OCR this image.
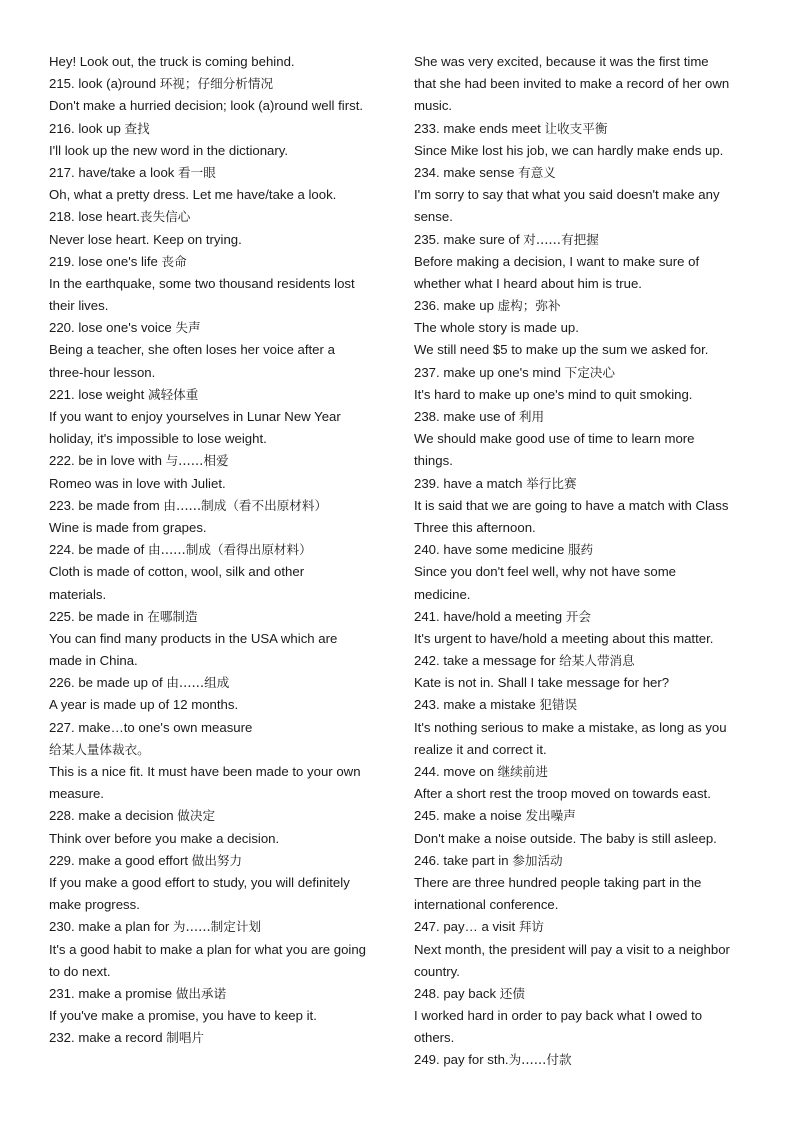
Hey! Look out, the truck is coming behind.
215. look (a)round 环视；仔细分析情况
Don't make a hurried decision; look (a)round well first.
216. look up 查找
I'll look up the new word in the dictionary.
217. have/take a look 看一眼
Oh, what a pretty dress. Let me have/take a look.
218. lose heart.丧失信心
Never lose heart. Keep on trying.
219. lose one's life 丧命
In the earthquake, some two thousand residents lost
their lives.
220. lose one's voice 失声
Being a teacher, she often loses her voice after a
three-hour lesson.
221. lose weight 减轻体重
If you want to enjoy yourselves in Lunar New Year
holiday, it's impossible to lose weight.
222. be in love with 与……相爱
Romeo was in love with Juliet.
223. be made from 由……制成（看不出原材料）
Wine is made from grapes.
224. be made of 由……制成（看得出原材料）
Cloth is made of cotton, wool, silk and other
materials.
225. be made in 在哪制造
You can find many products in the USA which are
made in China.
226. be made up of 由……组成
A year is made up of 12 months.
227. make…to one's own measure
给某人量体裁衣。
This is a nice fit. It must have been made to your own
measure.
228. make a decision 做决定
Think over before you make a decision.
229. make a good effort 做出努力
If you make a good effort to study, you will definitely
make progress.
230. make a plan for 为……制定计划
It's a good habit to make a plan for what you are going
to do next.
231. make a promise 做出承诺
If you've make a promise, you have to keep it.
232. make a record 制唱片
She was very excited, because it was the first time
that she had been invited to make a record of her own
music.
233. make ends meet 让收支平衡
Since Mike lost his job, we can hardly make ends up.
234. make sense 有意义
I'm sorry to say that what you said doesn't make any
sense.
235. make sure of 对……有把握
Before making a decision, I want to make sure of
whether what I heard about him is true.
236. make up 虚构；弥补
The whole story is made up.
We still need $5 to make up the sum we asked for.
237. make up one's mind 下定决心
It's hard to make up one's mind to quit smoking.
238. make use of 利用
We should make good use of time to learn more
things.
239. have a match 举行比赛
It is said that we are going to have a match with Class
Three this afternoon.
240. have some medicine 服药
Since you don't feel well, why not have some
medicine.
241. have/hold a meeting 开会
It's urgent to have/hold a meeting about this matter.
242. take a message for 给某人带消息
Kate is not in. Shall I take message for her?
243. make a mistake 犯错误
It's nothing serious to make a mistake, as long as you
realize it and correct it.
244. move on 继续前进
After a short rest the troop moved on towards east.
245. make a noise 发出噪声
Don't make a noise outside. The baby is still asleep.
246. take part in 参加活动
There are three hundred people taking part in the
international conference.
247. pay… a visit 拜访
Next month, the president will pay a visit to a neighbor
country.
248. pay back 还债
I worked hard in order to pay back what I owed to
others.
249. pay for sth.为……付款
